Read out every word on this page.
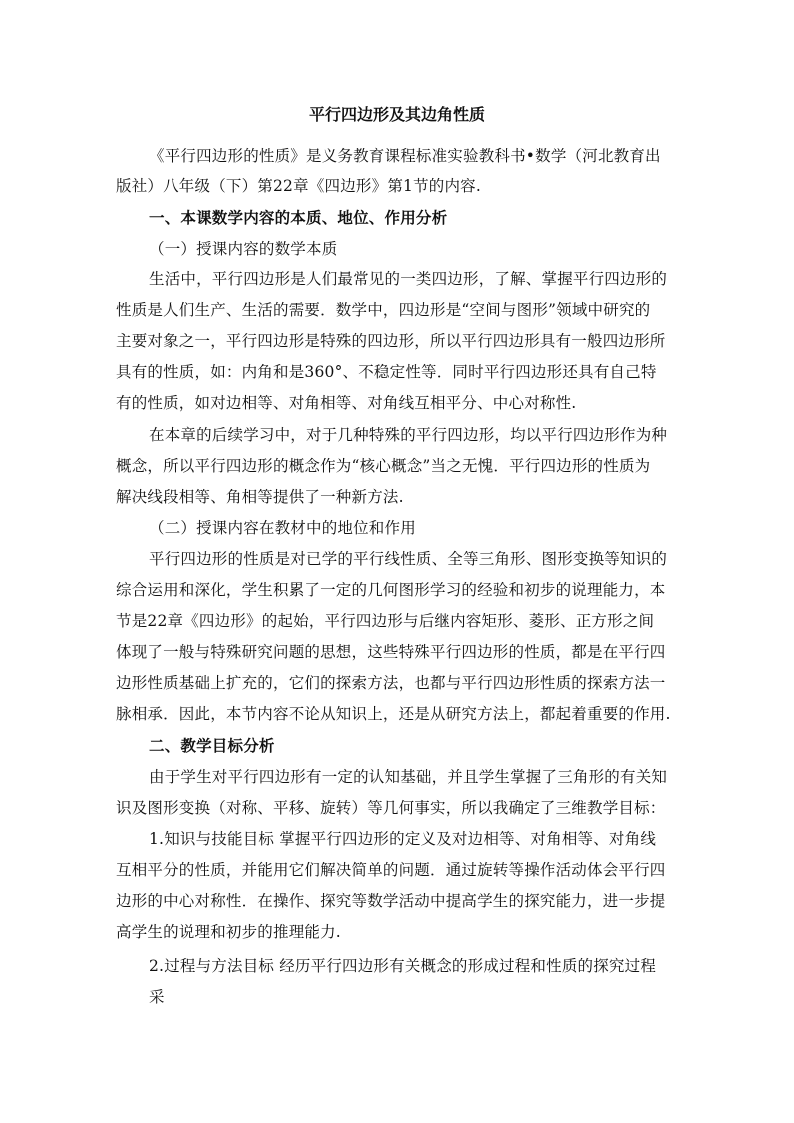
平行四边形及其边角性质
《平行四边形的性质》是义务教育课程标准实验教科书•数学（河北教育出
版社）八年级（下）第22章《四边形》第1节的内容.
一、本课数学内容的本质、地位、作用分析
（一）授课内容的数学本质
生活中，平行四边形是人们最常见的一类四边形，了解、掌握平行四边形的
性质是人们生产、生活的需要．数学中，四边形是“空间与图形”领域中研究的
主要对象之一，平行四边形是特殊的四边形，所以平行四边形具有一般四边形所
具有的性质，如：内角和是360°、不稳定性等．同时平行四边形还具有自己特
有的性质，如对边相等、对角相等、对角线互相平分、中心对称性.
在本章的后续学习中，对于几种特殊的平行四边形，均以平行四边形作为种
概念，所以平行四边形的概念作为“核心概念”当之无愧．平行四边形的性质为
解决线段相等、角相等提供了一种新方法.
（二）授课内容在教材中的地位和作用
平行四边形的性质是对已学的平行线性质、全等三角形、图形变换等知识的
综合运用和深化，学生积累了一定的几何图形学习的经验和初步的说理能力，本
节是22章《四边形》的起始，平行四边形与后继内容矩形、菱形、正方形之间
体现了一般与特殊研究问题的思想，这些特殊平行四边形的性质，都是在平行四
边形性质基础上扩充的，它们的探索方法，也都与平行四边形性质的探索方法一
脉相承．因此，本节内容不论从知识上，还是从研究方法上，都起着重要的作用.
二、教学目标分析
由于学生对平行四边形有一定的认知基础，并且学生掌握了三角形的有关知
识及图形变换（对称、平移、旋转）等几何事实，所以我确定了三维教学目标：
1.知识与技能目标 掌握平行四边形的定义及对边相等、对角相等、对角线
互相平分的性质，并能用它们解决简单的问题．通过旋转等操作活动体会平行四
边形的中心对称性．在操作、探究等数学活动中提高学生的探究能力，进一步提
高学生的说理和初步的推理能力.
2.过程与方法目标 经历平行四边形有关概念的形成过程和性质的探究过程
采
